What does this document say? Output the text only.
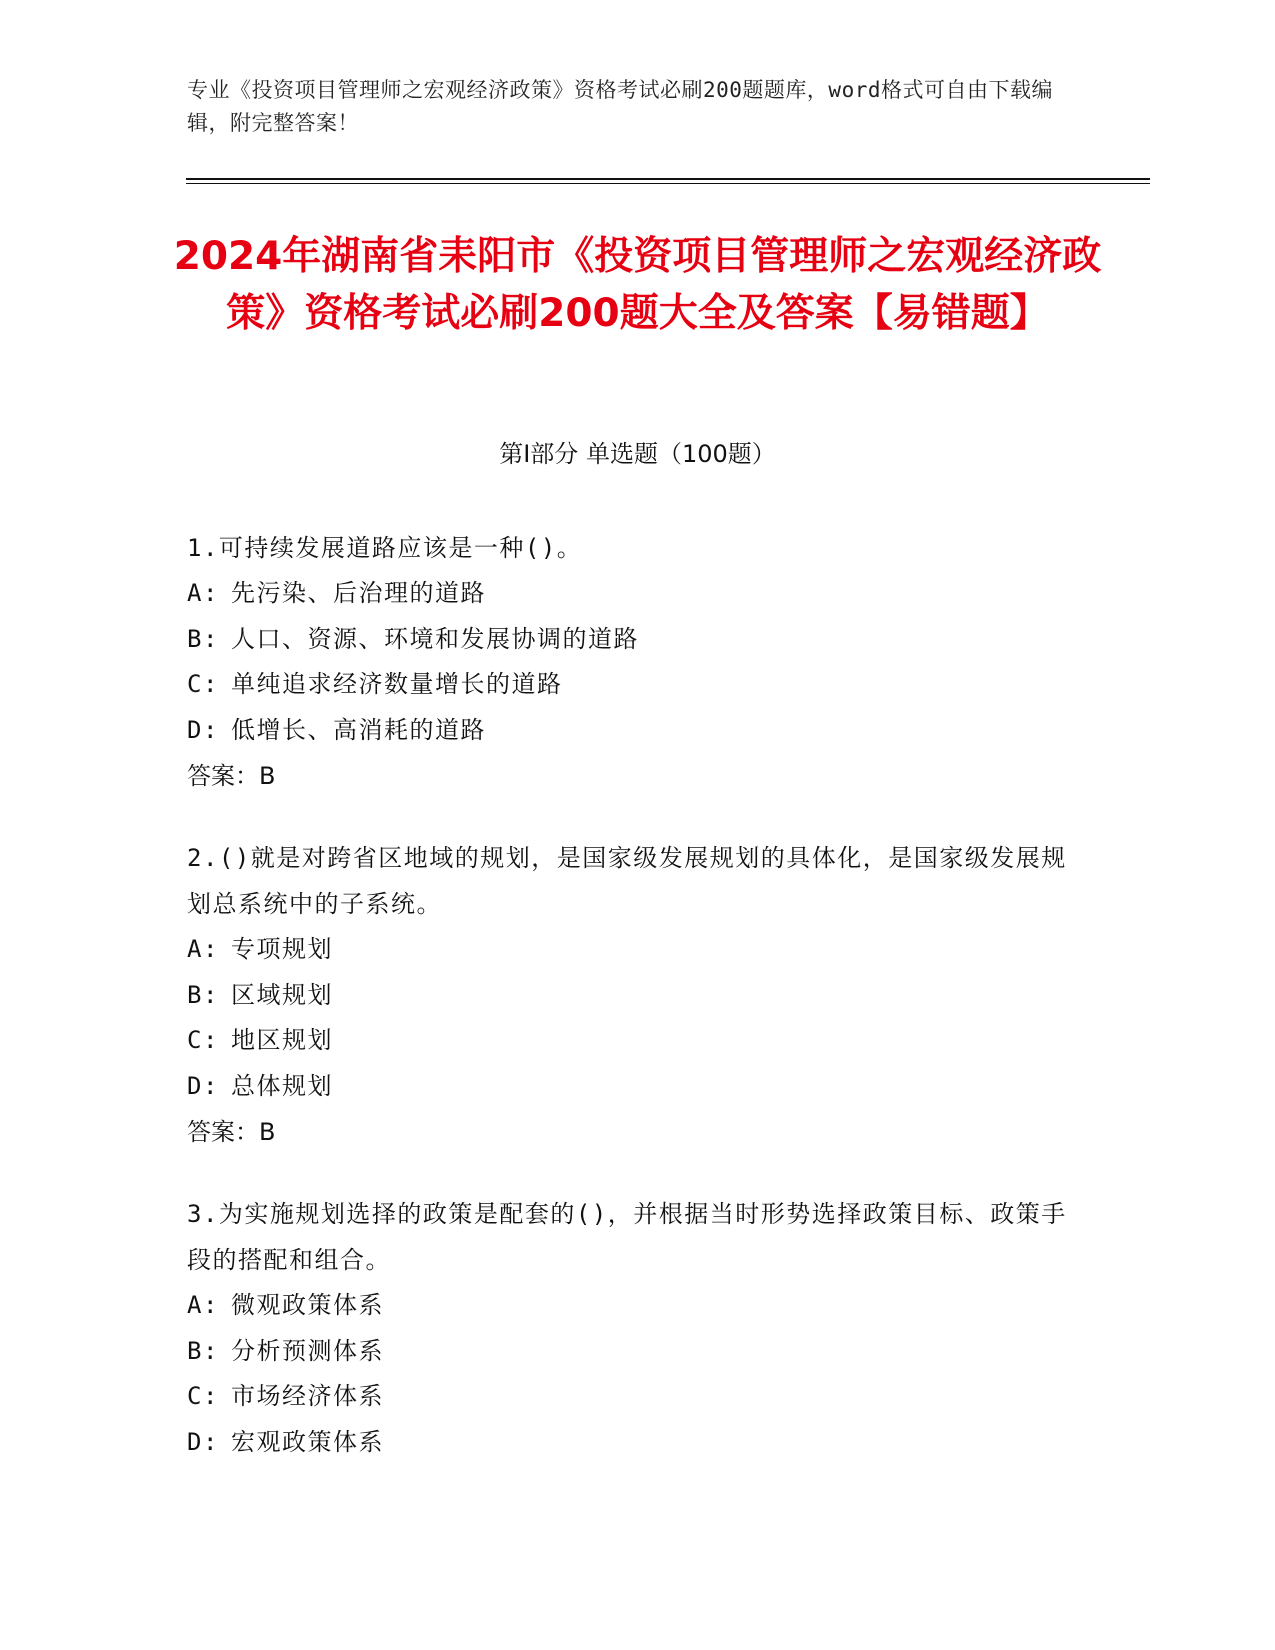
专业《投资项目管理师之宏观经济政策》资格考试必刷200题题库，word格式可自由下载编辑，附完整答案！
2024年湖南省耒阳市《投资项目管理师之宏观经济政策》资格考试必刷200题大全及答案【易错题】
第I部分 单选题（100题）
1.可持续发展道路应该是一种()。
A: 先污染、后治理的道路
B: 人口、资源、环境和发展协调的道路
C: 单纯追求经济数量增长的道路
D: 低增长、高消耗的道路
答案：B
2.()就是对跨省区地域的规划，是国家级发展规划的具体化，是国家级发展规划总系统中的子系统。
A: 专项规划
B: 区域规划
C: 地区规划
D: 总体规划
答案：B
3.为实施规划选择的政策是配套的()，并根据当时形势选择政策目标、政策手段的搭配和组合。
A: 微观政策体系
B: 分析预测体系
C: 市场经济体系
D: 宏观政策体系
